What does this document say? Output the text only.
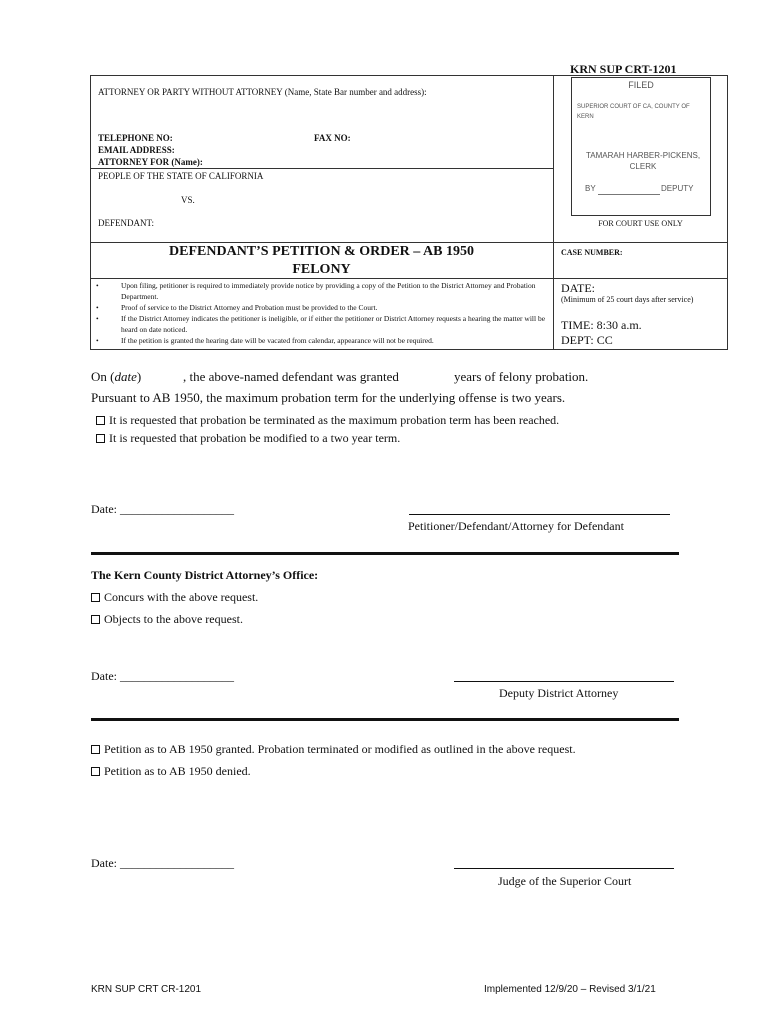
KRN SUP CRT-1201
ATTORNEY OR PARTY WITHOUT ATTORNEY (Name, State Bar number and address):
TELEPHONE NO:	FAX NO:
EMAIL ADDRESS:
ATTORNEY FOR (Name):
PEOPLE OF THE STATE OF CALIFORNIA
VS.
DEFENDANT:
FILED
SUPERIOR COURT OF CA, COUNTY OF KERN
TAMARAH HARBER-PICKENS, CLERK
BY	DEPUTY
FOR COURT USE ONLY
DEFENDANT’S PETITION & ORDER – AB 1950
FELONY
CASE NUMBER:
•	Upon filing, petitioner is required to immediately provide notice by providing a copy of the Petition to the District Attorney and Probation Department.
•	Proof of service to the District Attorney and Probation must be provided to the Court.
•	If the District Attorney indicates the petitioner is ineligible, or if either the petitioner or District Attorney requests a hearing the matter will be heard on date noticed.
•	If the petition is granted the hearing date will be vacated from calendar, appearance will not be required.
DATE:
(Minimum of 25 court days after service)
TIME: 8:30 a.m.
DEPT: CC
On (date)	, the above-named defendant was granted	years of felony probation.
Pursuant to AB 1950, the maximum probation term for the underlying offense is two years.
It is requested that probation be terminated as the maximum probation term has been reached.
It is requested that probation be modified to a two year term.
Date: ___________________
Petitioner/Defendant/Attorney for Defendant
The Kern County District Attorney’s Office:
Concurs with the above request.
Objects to the above request.
Date: ___________________
Deputy District Attorney
Petition as to AB 1950 granted. Probation terminated or modified as outlined in the above request.
Petition as to AB 1950 denied.
Date: ___________________
Judge of the Superior Court
KRN SUP CRT CR-1201	Implemented 12/9/20 – Revised 3/1/21
